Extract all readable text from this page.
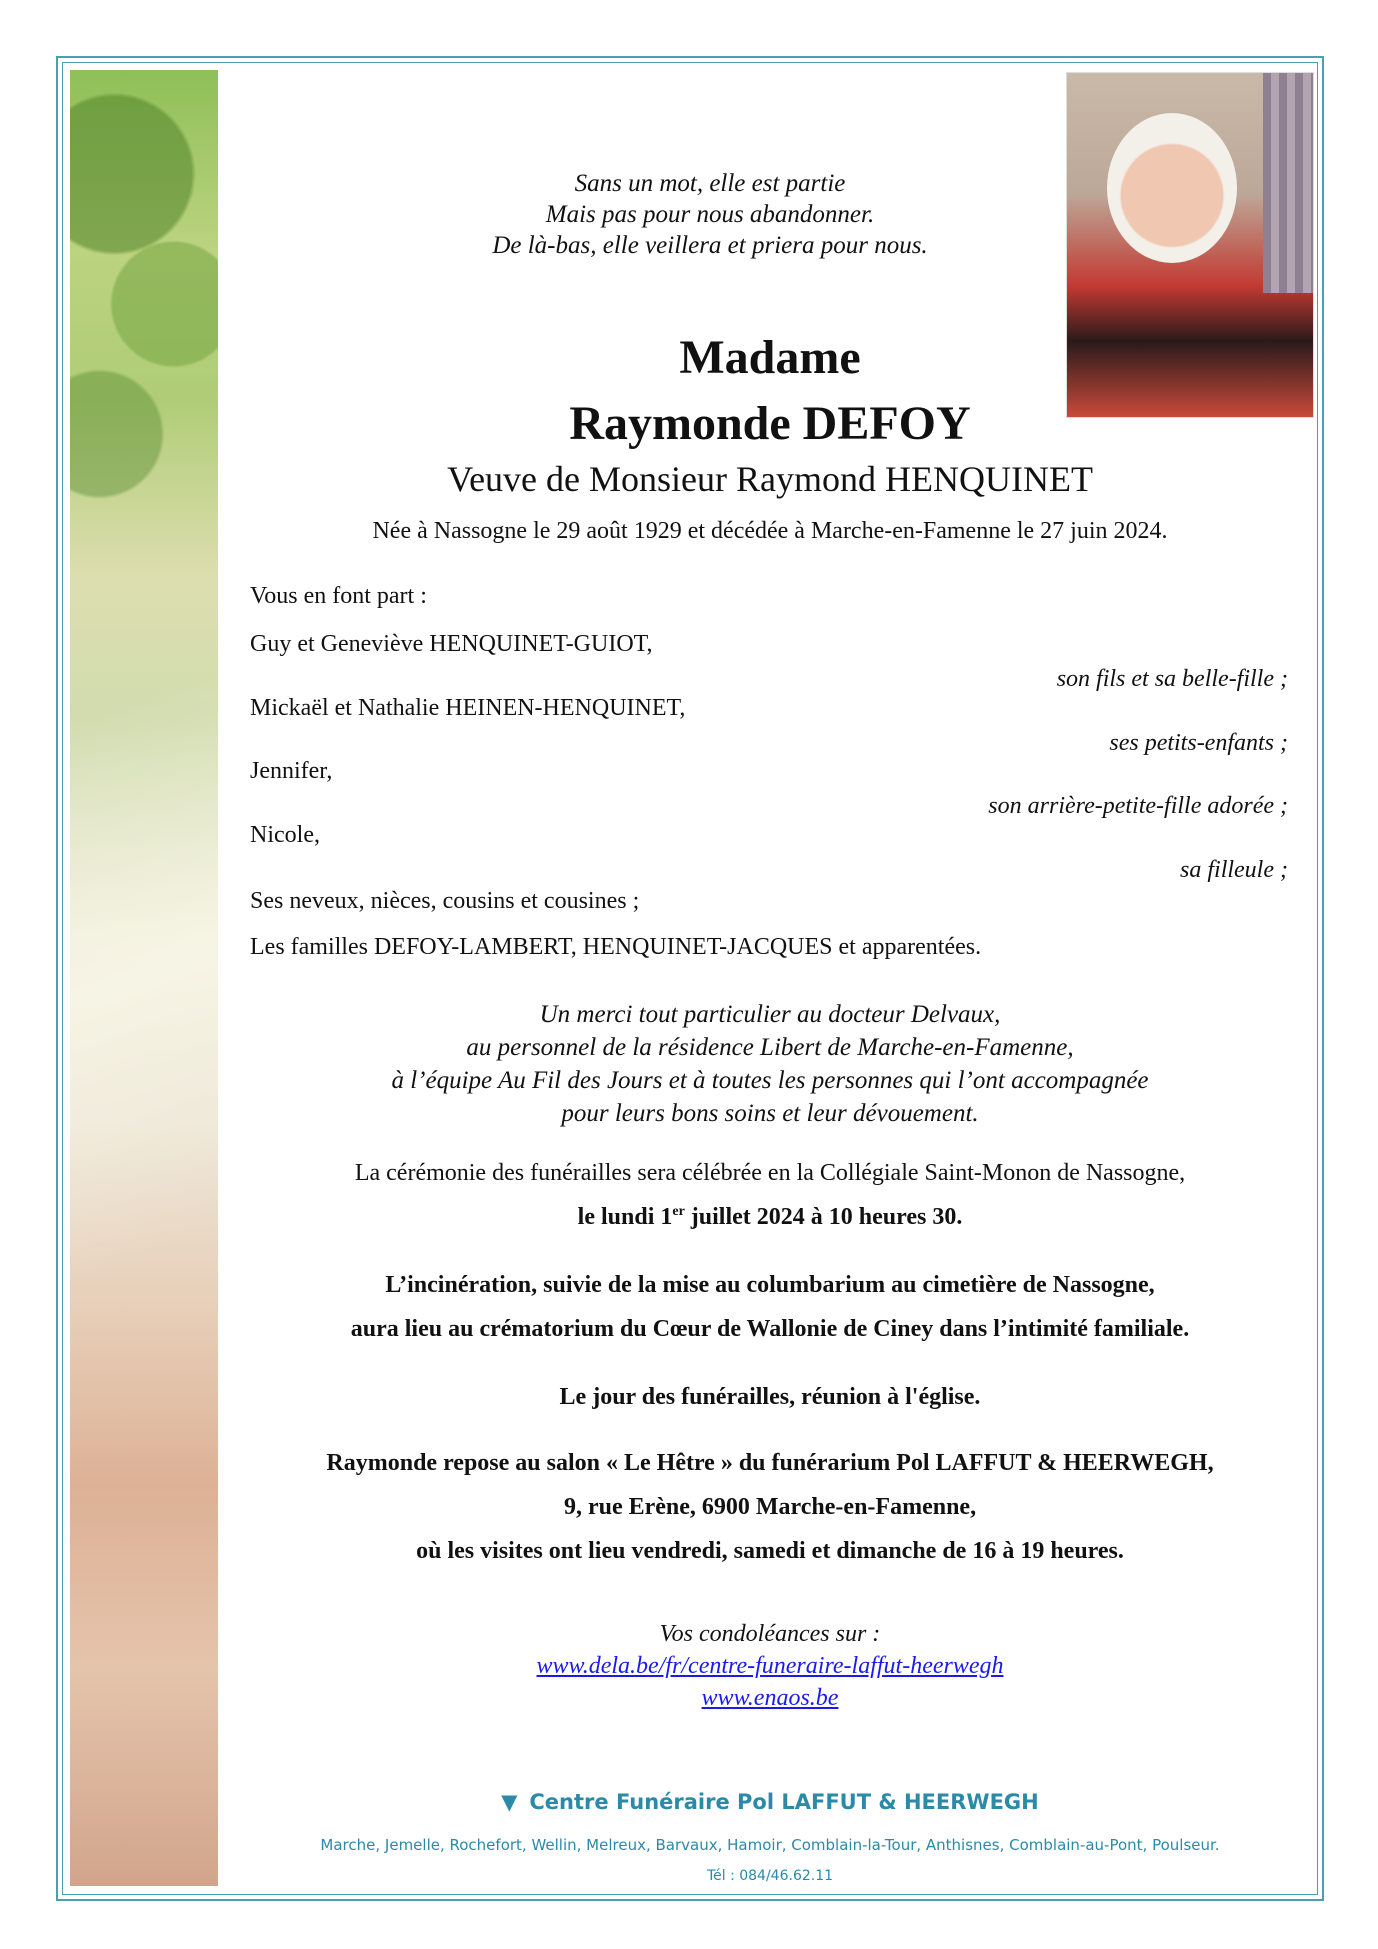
Sans un mot, elle est partie
Mais pas pour nous abandonner.
De là-bas, elle veillera et priera pour nous.
Madame
Raymonde DEFOY
Veuve de Monsieur Raymond HENQUINET
Née à Nassogne le 29 août 1929 et décédée à Marche-en-Famenne le 27 juin 2024.
Vous en font part :
Guy et Geneviève HENQUINET-GUIOT,
son fils et sa belle-fille ;
Mickaël et Nathalie HEINEN-HENQUINET,
ses petits-enfants ;
Jennifer,
son arrière-petite-fille adorée ;
Nicole,
sa filleule ;
Ses neveux, nièces, cousins et cousines ;
Les familles DEFOY-LAMBERT, HENQUINET-JACQUES et apparentées.
Un merci tout particulier au docteur Delvaux,
au personnel de la résidence Libert de Marche-en-Famenne,
à l’équipe Au Fil des Jours et à toutes les personnes qui l’ont accompagnée
pour leurs bons soins et leur dévouement.
La cérémonie des funérailles sera célébrée en la Collégiale Saint-Monon de Nassogne,
le lundi 1er juillet 2024 à 10 heures 30.
L’incinération, suivie de la mise au columbarium au cimetière de Nassogne,
aura lieu au crématorium du Cœur de Wallonie de Ciney dans l’intimité familiale.
Le jour des funérailles, réunion à l'église.
Raymonde repose au salon « Le Hêtre » du funérarium Pol LAFFUT & HEERWEGH,
9, rue Erène, 6900 Marche-en-Famenne,
où les visites ont lieu vendredi, samedi et dimanche de 16 à 19 heures.
Vos condoléances sur :
www.dela.be/fr/centre-funeraire-laffut-heerwegh
www.enaos.be
▼ Centre Funéraire Pol LAFFUT & HEERWEGH
Marche, Jemelle, Rochefort, Wellin, Melreux, Barvaux, Hamoir, Comblain-la-Tour, Anthisnes, Comblain-au-Pont, Poulseur.
Tél : 084/46.62.11
